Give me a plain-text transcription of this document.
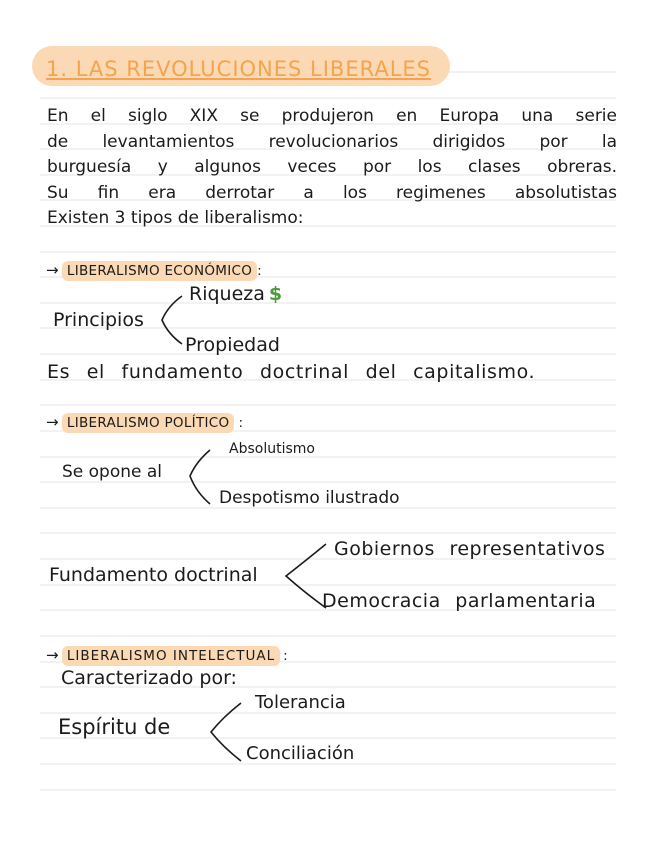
1. LAS REVOLUCIONES LIBERALES
En el siglo XIX se produjeron en Europa una serie
de levantamientos revolucionarios dirigidos por la
burguesía y algunos veces por los clases obreras.
Su fin era derrotar a los regimenes absolutistas
Existen 3 tipos de liberalismo:
→ LIBERALISMO ECONÓMICO :
Principios
Riqueza $
Propiedad
Es el fundamento doctrinal del capitalismo.
→ LIBERALISMO POLÍTICO :
Se opone al
Absolutismo
Despotismo ilustrado
Fundamento doctrinal
Gobiernos representativos
Democracia parlamentaria
→ LIBERALISMO INTELECTUAL :
Caracterizado por:
Espíritu de
Tolerancia
Conciliación
